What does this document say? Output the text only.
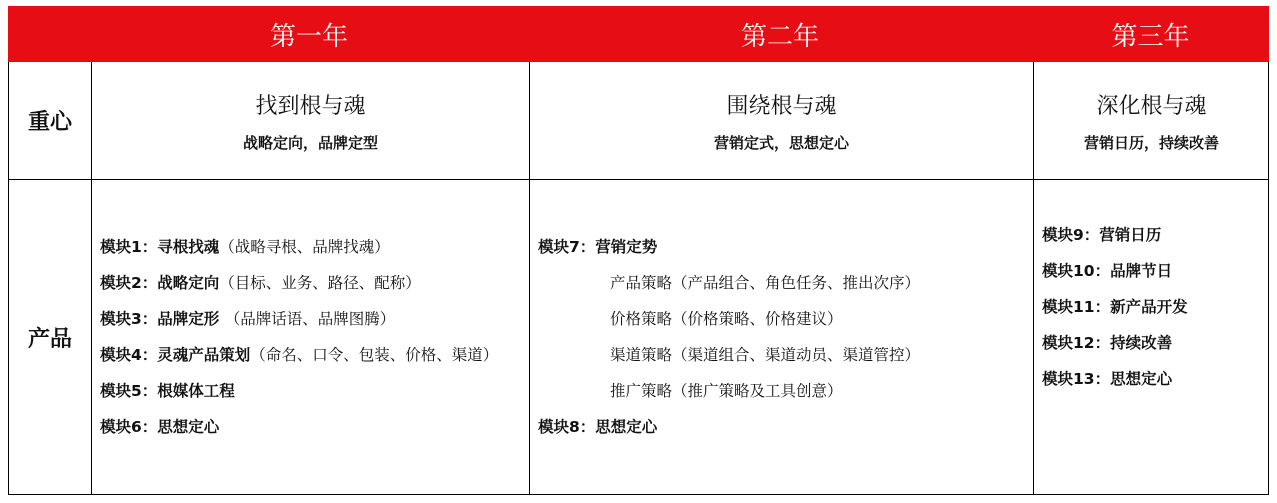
第一年	第二年	第三年
重心
找到根与魂
战略定向，品牌定型
围绕根与魂
营销定式，思想定心
深化根与魂
营销日历，持续改善
产品
模块1：寻根找魂（战略寻根、品牌找魂）
模块2：战略定向（目标、业务、路径、配称）
模块3：品牌定形 （品牌话语、品牌图腾）
模块4：灵魂产品策划（命名、口令、包装、价格、渠道）
模块5：根媒体工程
模块6：思想定心
模块7：营销定势
产品策略（产品组合、角色任务、推出次序）
价格策略（价格策略、价格建议）
渠道策略（渠道组合、渠道动员、渠道管控）
推广策略（推广策略及工具创意）
模块8：思想定心
模块9：营销日历
模块10：品牌节日
模块11：新产品开发
模块12：持续改善
模块13：思想定心
